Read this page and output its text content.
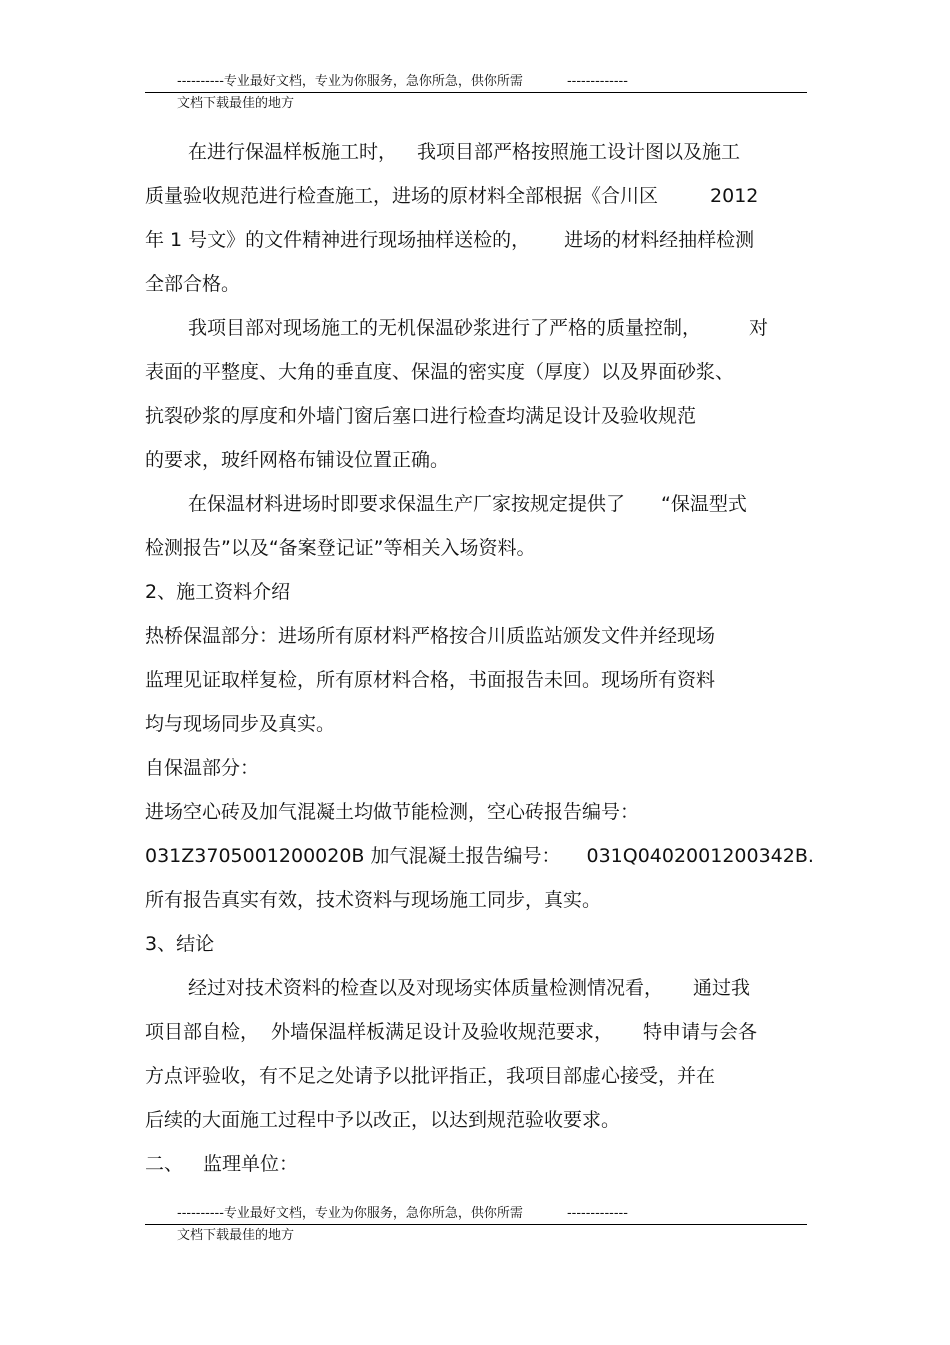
---------- 专业最好文档，专业为你服务，急你所急，供你所需	-------------
文档下载最佳的地方

在进行保温样板施工时， 我项目部严格按照施工设计图以及施工

质量验收规范进行检查施工，进场的原材料全部根据《合川区	2012

年 1 号文》的文件精神进行现场抽样送检的， 进场的材料经抽样检测

全部合格。

我项目部对现场施工的无机保温砂浆进行了严格的质量控制，	对

表面的平整度、大角的垂直度、保温的密实度（厚度）以及界面砂浆、

抗裂砂浆的厚度和外墙门窗后塞口进行检查均满足设计及验收规范

的要求，玻纤网格布铺设位置正确。

在保温材料进场时即要求保温生产厂家按规定提供了 “保温型式

检测报告”以及“备案登记证”等相关入场资料。

2、施工资料介绍

热桥保温部分：进场所有原材料严格按合川质监站颁发文件并经现场

监理见证取样复检，所有原材料合格，书面报告未回。现场所有资料

均与现场同步及真实。

自保温部分：

进场空心砖及加气混凝土均做节能检测，空心砖报告编号：

031Z3705001200020B 加气混凝土报告编号： 031Q0402001200342B.

所有报告真实有效，技术资料与现场施工同步，真实。

3、结论

经过对技术资料的检查以及对现场实体质量检测情况看， 通过我

项目部自检， 外墙保温样板满足设计及验收规范要求， 特申请与会各

方点评验收，有不足之处请予以批评指正，我项目部虚心接受，并在

后续的大面施工过程中予以改正，以达到规范验收要求。

二、 监理单位：

---------- 专业最好文档，专业为你服务，急你所急，供你所需	-------------
文档下载最佳的地方
